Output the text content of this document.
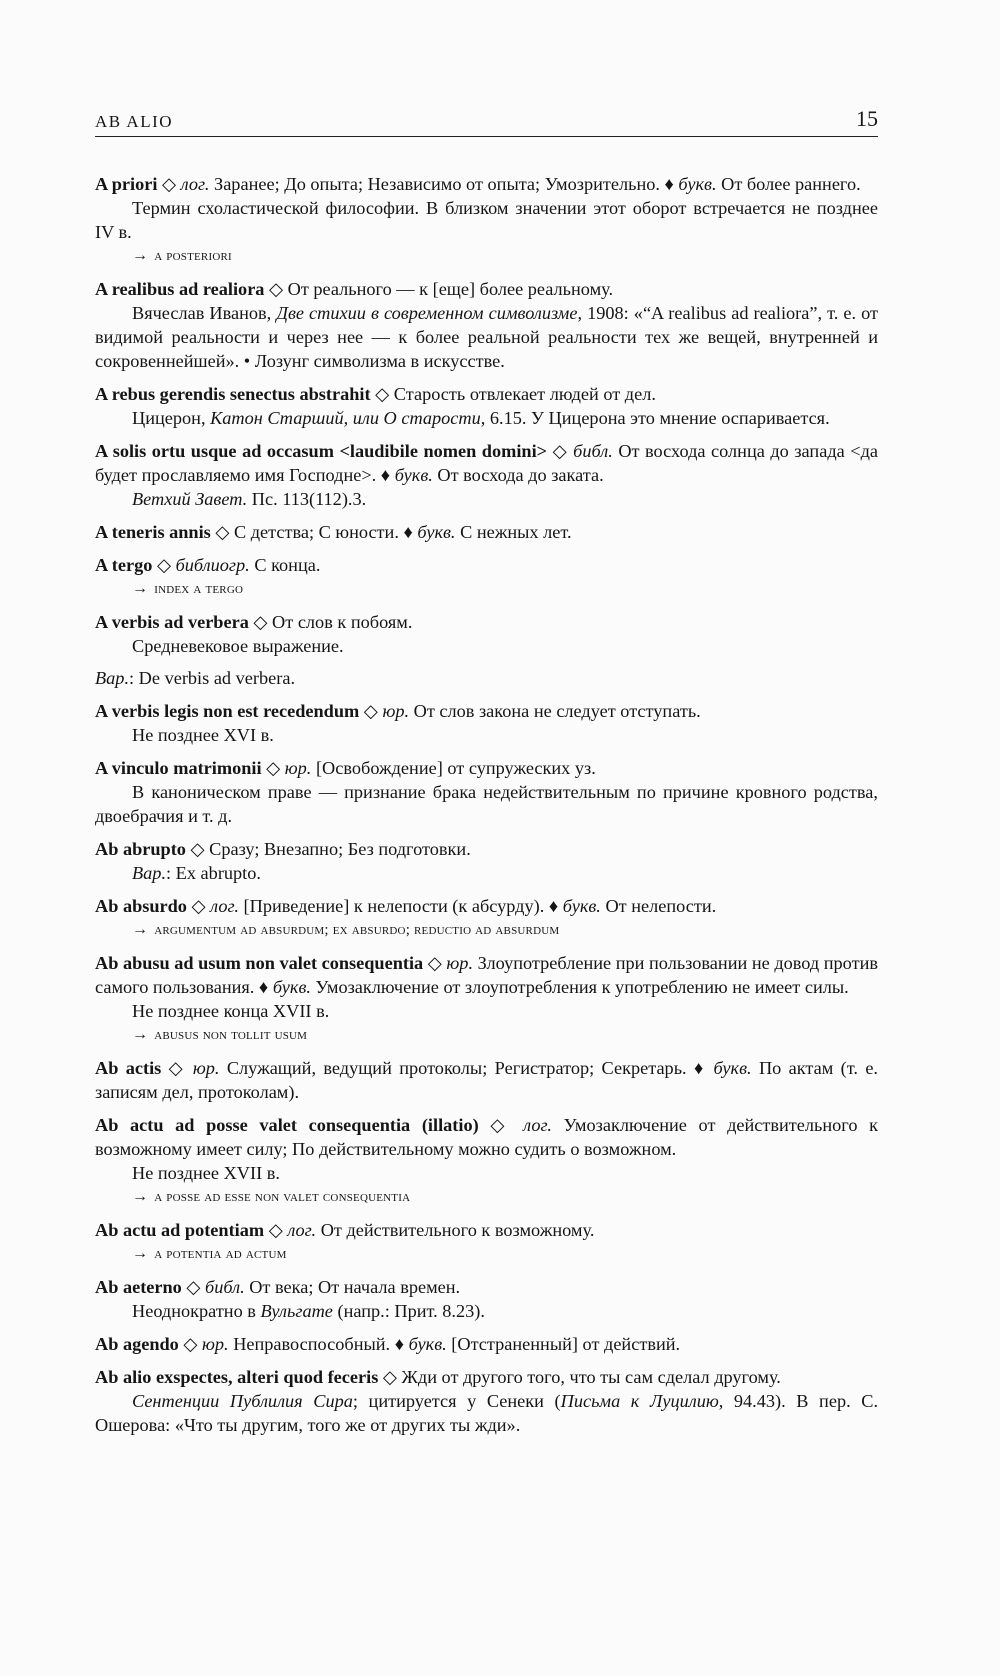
AB ALIO	15

A priori ◇ лог. Заранее; До опыта; Независимо от опыта; Умозрительно. ♦ букв. От более раннего.

Термин схоластической философии. В близком значении этот оборот встречается не позднее IV в.

→ a posteriori

A realibus ad realiora ◇ От реального — к [еще] более реальному.

Вячеслав Иванов, Две стихии в современном символизме, 1908: «“A realibus ad realiora”, т. е. от видимой реальности и через нее — к более реальной реальности тех же вещей, внутренней и сокровеннейшей». • Лозунг символизма в искусстве.

A rebus gerendis senectus abstrahit ◇ Старость отвлекает людей от дел.

Цицерон, Катон Старший, или О старости, 6.15. У Цицерона это мнение оспаривается.

A solis ortu usque ad occasum <laudibile nomen domini> ◇ библ. От восхода солнца до запада <да будет прославляемо имя Господне>. ♦ букв. От восхода до заката.

Ветхий Завет. Пс. 113(112).3.

A teneris annis ◇ С детства; С юности. ♦ букв. С нежных лет.

A tergo ◇ библиогр. С конца.

→ index a tergo

A verbis ad verbera ◇ От слов к побоям.

Средневековое выражение.

Вар.: De verbis ad verbera.

A verbis legis non est recedendum ◇ юр. От слов закона не следует отступать.

Не позднее XVI в.

A vinculo matrimonii ◇ юр. [Освобождение] от супружеских уз.

В каноническом праве — признание брака недействительным по причине кровного родства, двоебрачия и т. д.

Ab abrupto ◇ Сразу; Внезапно; Без подготовки.

Вар.: Ex abrupto.

Ab absurdo ◇ лог. [Приведение] к нелепости (к абсурду). ♦ букв. От нелепости.

→ argumentum ad absurdum; ex absurdo; reductio ad absurdum

Ab abusu ad usum non valet consequentia ◇ юр. Злоупотребление при пользовании не довод против самого пользования. ♦ букв. Умозаключение от злоупотребления к употреблению не имеет силы.

Не позднее конца XVII в.

→ abusus non tollit usum

Ab actis ◇ юр. Служащий, ведущий протоколы; Регистратор; Секретарь. ♦ букв. По актам (т. е. записям дел, протоколам).

Ab actu ad posse valet consequentia (illatio) ◇ лог. Умозаключение от действительного к возможному имеет силу; По действительному можно судить о возможном.

Не позднее XVII в.

→ a posse ad esse non valet consequentia

Ab actu ad potentiam ◇ лог. От действительного к возможному.

→ a potentia ad actum

Ab aeterno ◇ библ. От века; От начала времен.

Неоднократно в Вульгате (напр.: Прит. 8.23).

Ab agendo ◇ юр. Неправоспособный. ♦ букв. [Отстраненный] от действий.

Ab alio exspectes, alteri quod feceris ◇ Жди от другого того, что ты сам сделал другому.

Сентенции Публилия Сира; цитируется у Сенеки (Письма к Луцилию, 94.43). В пер. С. Ошерова: «Что ты другим, того же от других ты жди».
